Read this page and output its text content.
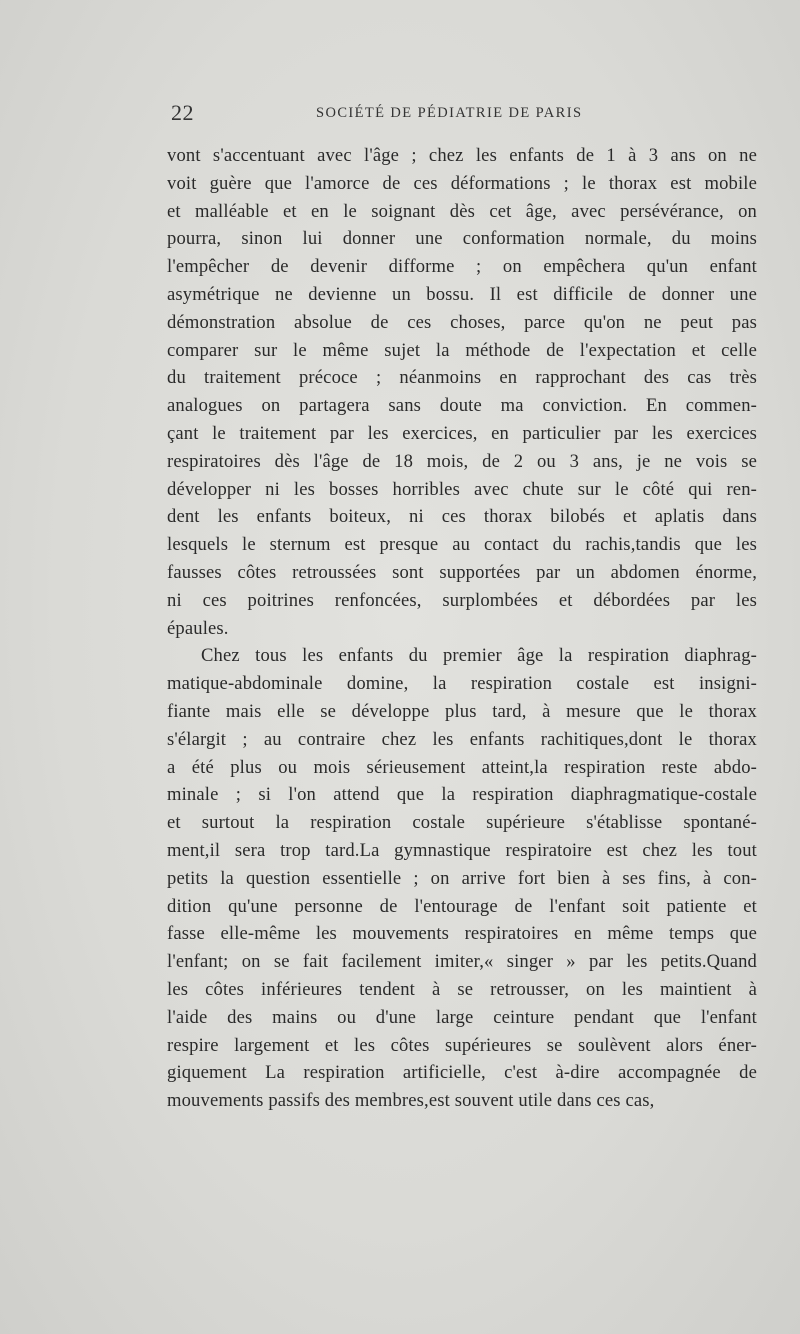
22	SOCIÉTÉ DE PÉDIATRIE DE PARIS
vont s'accentuant avec l'âge ; chez les enfants de 1 à 3 ans on ne
voit guère que l'amorce de ces déformations ; le thorax est mobile
et malléable et en le soignant dès cet âge, avec persévérance, on
pourra, sinon lui donner une conformation normale, du moins
l'empêcher de devenir difforme ; on empêchera qu'un enfant
asymétrique ne devienne un bossu. Il est difficile de donner une
démonstration absolue de ces choses, parce qu'on ne peut pas
comparer sur le même sujet la méthode de l'expectation et celle
du traitement précoce ; néanmoins en rapprochant des cas très
analogues on partagera sans doute ma conviction. En commen-
çant le traitement par les exercices, en particulier par les exercices
respiratoires dès l'âge de 18 mois, de 2 ou 3 ans, je ne vois se
développer ni les bosses horribles avec chute sur le côté qui ren-
dent les enfants boiteux, ni ces thorax bilobés et aplatis dans
lesquels le sternum est presque au contact du rachis,tandis que les
fausses côtes retroussées sont supportées par un abdomen énorme,
ni ces poitrines renfoncées, surplombées et débordées par les
épaules.
Chez tous les enfants du premier âge la respiration diaphrag-
matique-abdominale domine, la respiration costale est insigni-
fiante mais elle se développe plus tard, à mesure que le thorax
s'élargit ; au contraire chez les enfants rachitiques,dont le thorax
a été plus ou mois sérieusement atteint,la respiration reste abdo-
minale ; si l'on attend que la respiration diaphragmatique-costale
et surtout la respiration costale supérieure s'établisse spontané-
ment,il sera trop tard.La gymnastique respiratoire est chez les tout
petits la question essentielle ; on arrive fort bien à ses fins, à con-
dition qu'une personne de l'entourage de l'enfant soit patiente et
fasse elle-même les mouvements respiratoires en même temps que
l'enfant; on se fait facilement imiter,« singer » par les petits.Quand
les côtes inférieures tendent à se retrousser, on les maintient à
l'aide des mains ou d'une large ceinture pendant que l'enfant
respire largement et les côtes supérieures se soulèvent alors éner-
giquement La respiration artificielle, c'est à-dire accompagnée de
mouvements passifs des membres,est souvent utile dans ces cas,
